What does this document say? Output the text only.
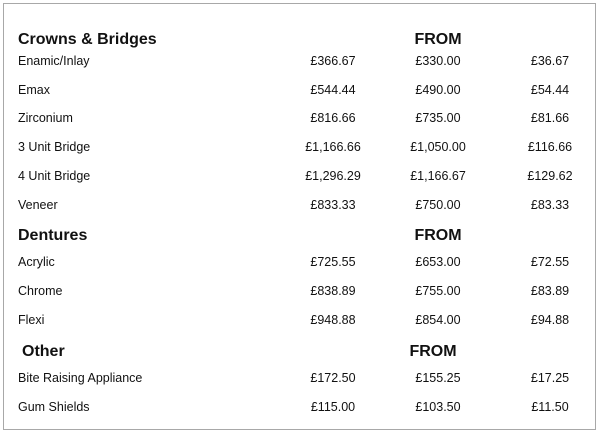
Crowns & Bridges	FROM
Enamic/Inlay	£366.67	£330.00	£36.67
Emax	£544.44	£490.00	£54.44
Zirconium	£816.66	£735.00	£81.66
3 Unit Bridge	£1,166.66	£1,050.00	£116.66
4 Unit Bridge	£1,296.29	£1,166.67	£129.62
Veneer	£833.33	£750.00	£83.33
Dentures	FROM
Acrylic	£725.55	£653.00	£72.55
Chrome	£838.89	£755.00	£83.89
Flexi	£948.88	£854.00	£94.88
Other	FROM
Bite Raising Appliance	£172.50	£155.25	£17.25
Gum Shields	£115.00	£103.50	£11.50
